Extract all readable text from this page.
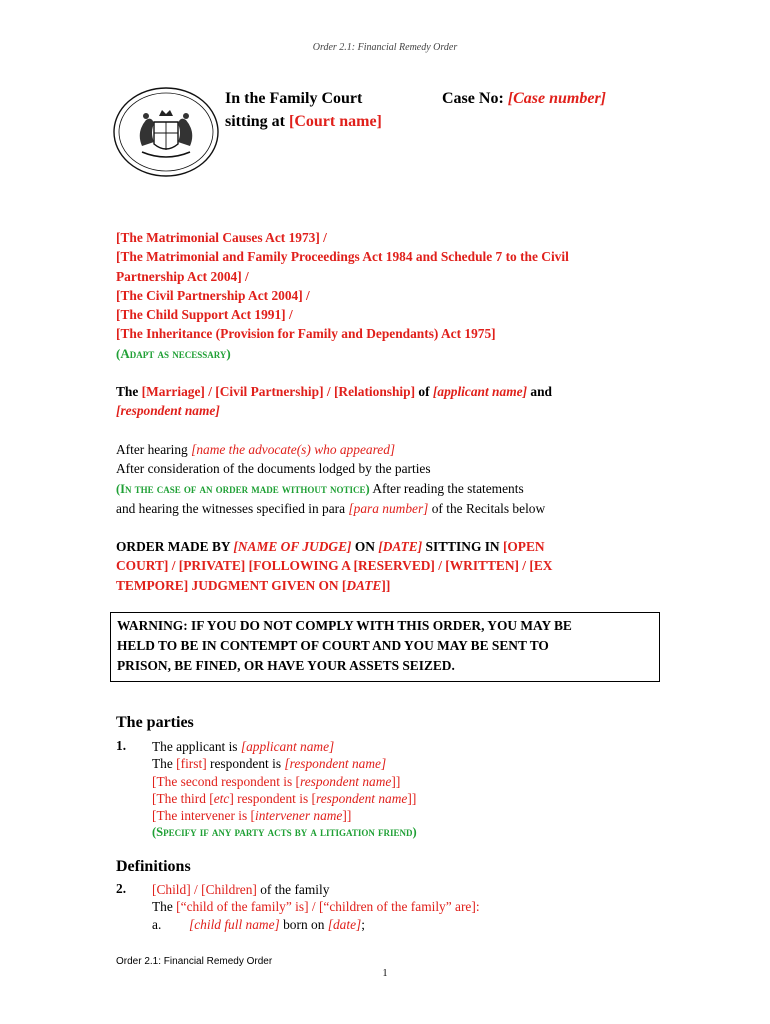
Order 2.1: Financial Remedy Order
In the Family Court
sitting at [Court name]
Case No: [Case number]
[The Matrimonial Causes Act 1973] /
[The Matrimonial and Family Proceedings Act 1984 and Schedule 7 to the Civil
Partnership Act 2004] /
[The Civil Partnership Act 2004] /
[The Child Support Act 1991] /
[The Inheritance (Provision for Family and Dependants) Act 1975]
(Adapt as necessary)
The [Marriage] / [Civil Partnership] / [Relationship] of [applicant name] and
[respondent name]
After hearing [name the advocate(s) who appeared]
After consideration of the documents lodged by the parties
(In the case of an order made without notice) After reading the statements
and hearing the witnesses specified in para [para number] of the Recitals below
ORDER MADE BY [NAME OF JUDGE] ON [DATE] SITTING IN [OPEN
COURT] / [PRIVATE] [FOLLOWING A [RESERVED] / [WRITTEN] / [EX
TEMPORE] JUDGMENT GIVEN ON [DATE]]
WARNING: IF YOU DO NOT COMPLY WITH THIS ORDER, YOU MAY BE
HELD TO BE IN CONTEMPT OF COURT AND YOU MAY BE SENT TO
PRISON, BE FINED, OR HAVE YOUR ASSETS SEIZED.
The parties
1. The applicant is [applicant name]
The [first] respondent is [respondent name]
[The second respondent is [respondent name]]
[The third [etc] respondent is [respondent name]]
[The intervener is [intervener name]]
(Specify if any party acts by a litigation friend)
Definitions
2. [Child] / [Children] of the family
The [“child of the family” is] / [“children of the family” are]:
a. [child full name] born on [date];
Order 2.1: Financial Remedy Order
1
